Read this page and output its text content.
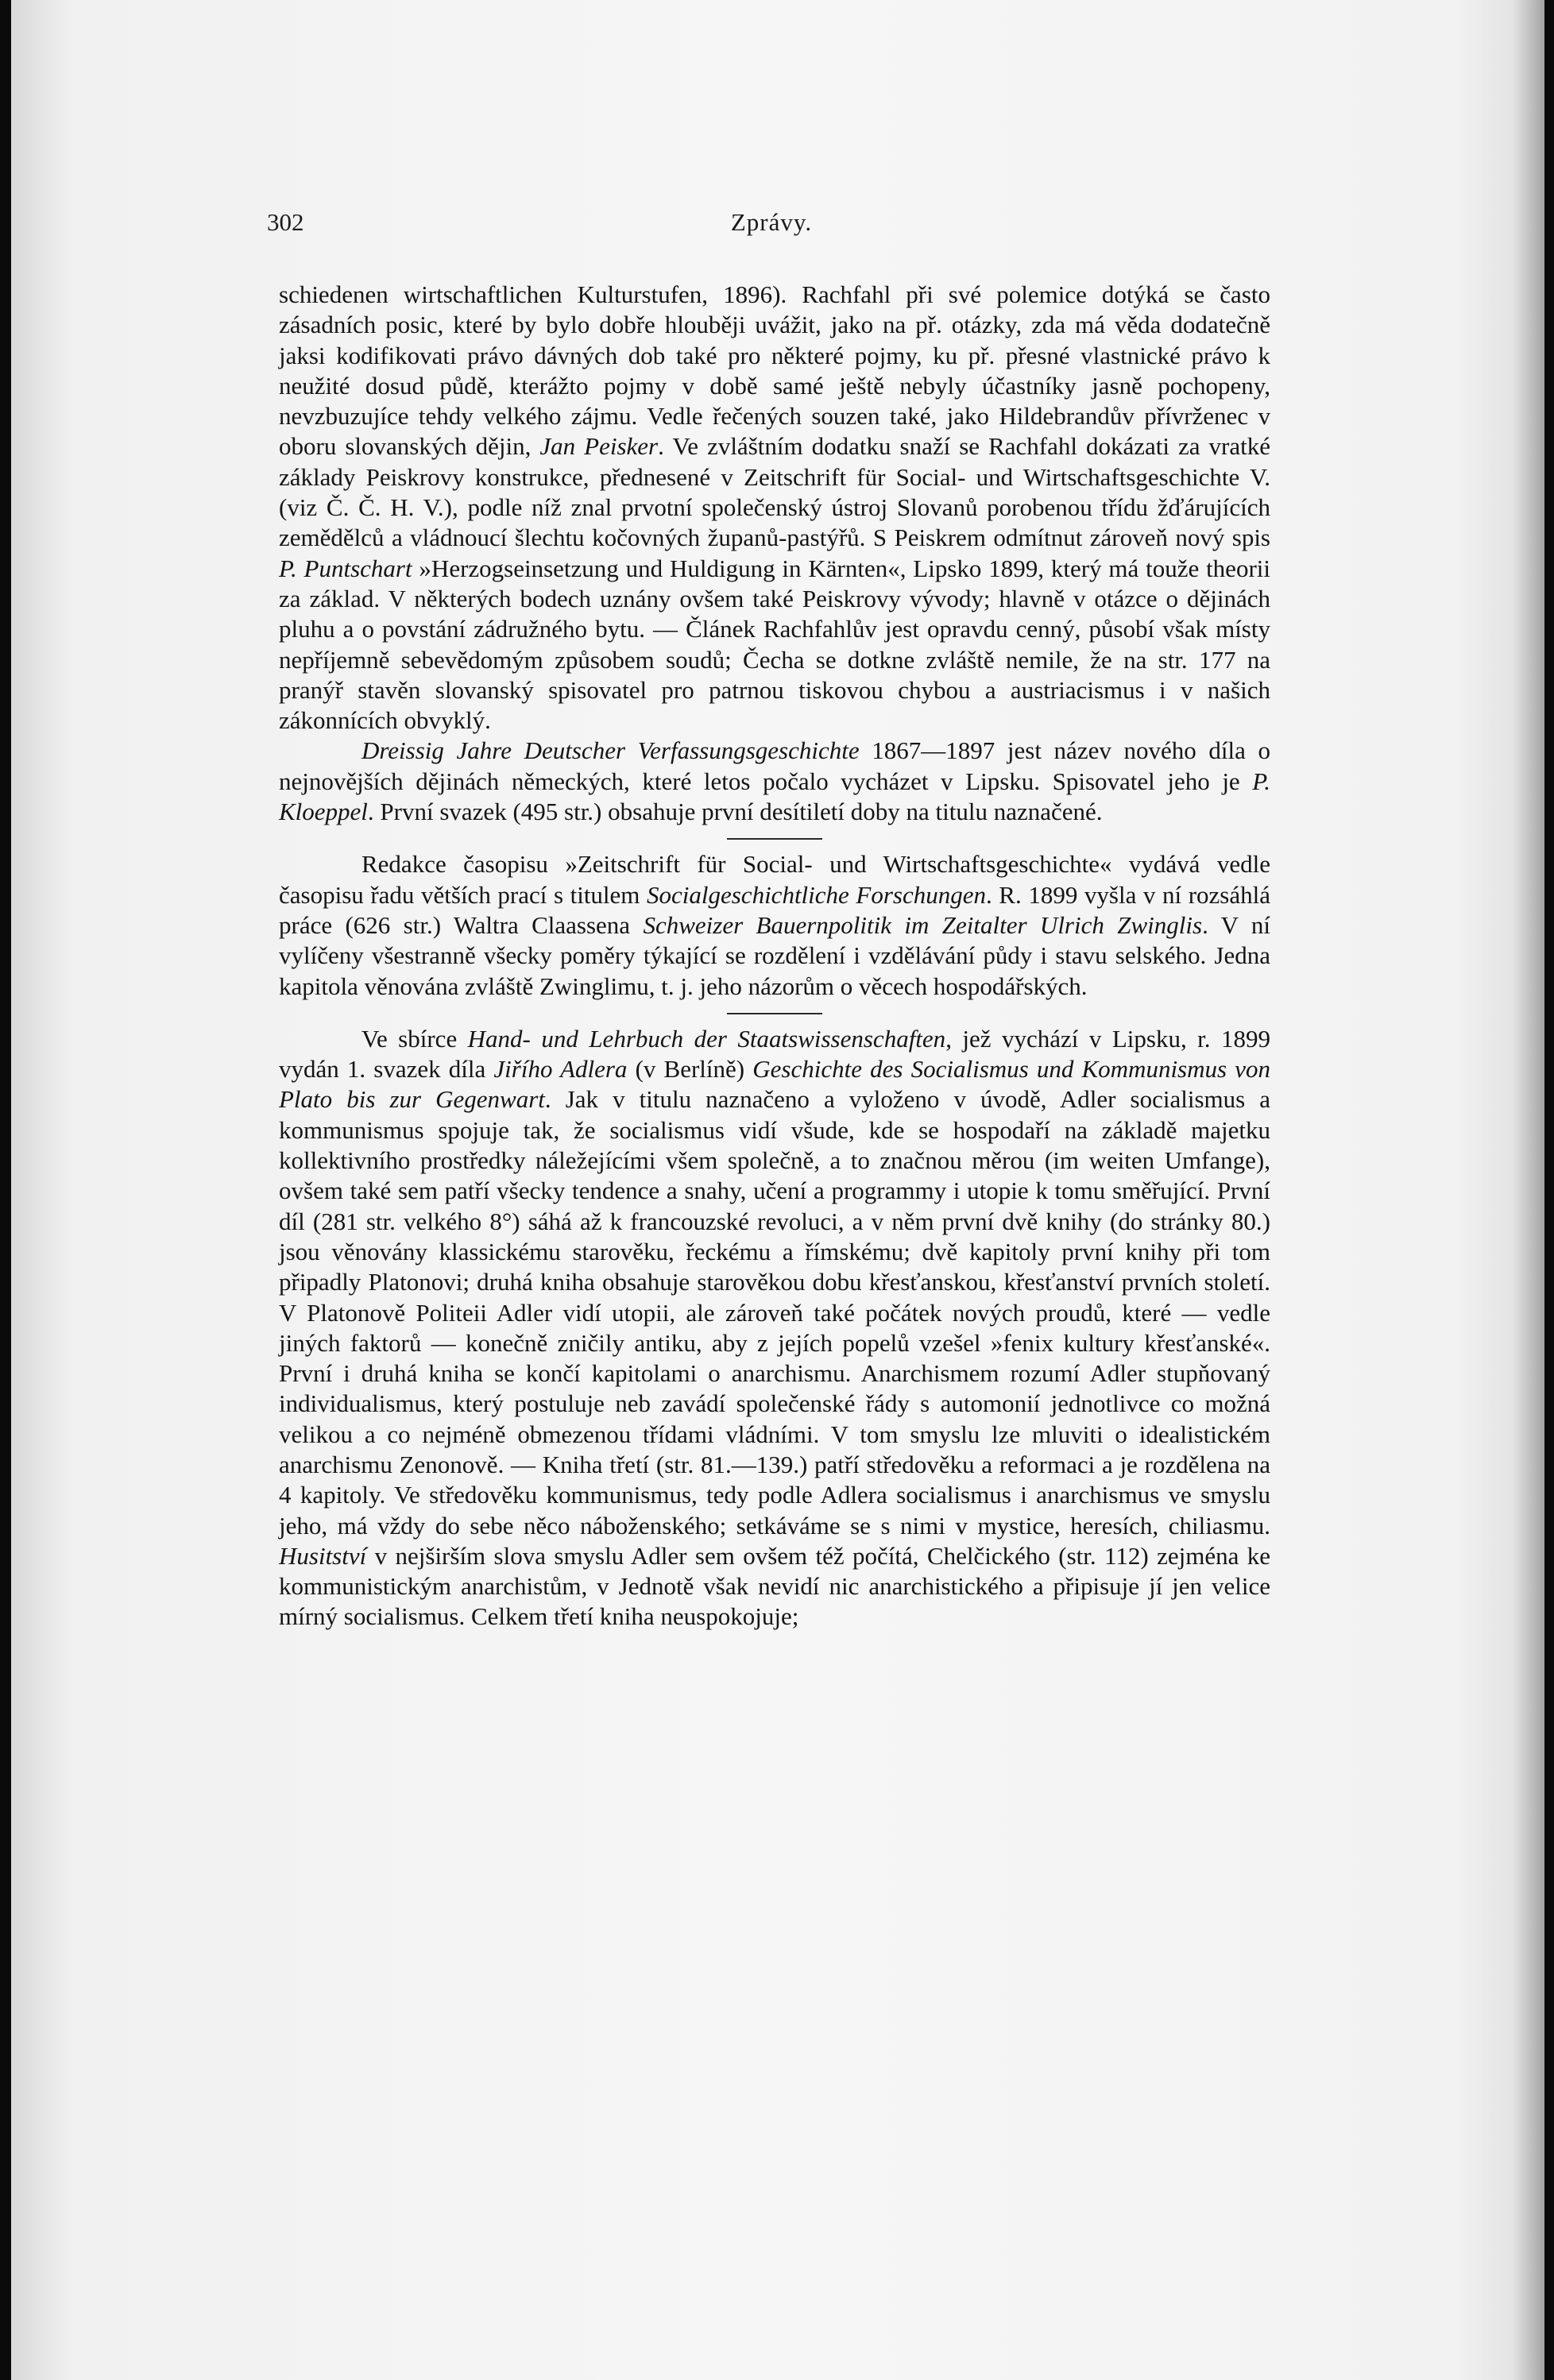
302	Zprávy.

schiedenen wirtschaftlichen Kulturstufen, 1896). Rachfahl při své polemice dotýká se často zásadních posic, které by bylo dobře hlouběji uvážit, jako na př. otázky, zda má věda dodatečně jaksi kodifikovati právo dávných dob také pro některé pojmy, ku př. přesné vlastnické právo k neužité dosud půdě, kterážto pojmy v době samé ještě nebyly účastníky jasně pochopeny, nevzbuzujíce tehdy velkého zájmu. Vedle řečených souzen také, jako Hildebrandův přívrženec v oboru slovanských dějin, Jan Peisker. Ve zvláštním dodatku snaží se Rachfahl dokázati za vratké základy Peiskrovy konstrukce, přednesené v Zeitschrift für Social- und Wirtschaftsgeschichte V. (viz Č. Č. H. V.), podle níž znal prvotní společenský ústroj Slovanů porobenou třídu žďárujících zemědělců a vládnoucí šlechtu kočovných županů-pastýřů. S Peiskrem odmítnut zároveň nový spis P. Puntschart »Herzogseinsetzung und Huldigung in Kärnten«, Lipsko 1899, který má touže theorii za základ. V některých bodech uznány ovšem také Peiskrovy vývody; hlavně v otázce o dějinách pluhu a o povstání zádružného bytu. — Článek Rachfahlův jest opravdu cenný, působí však místy nepříjemně sebevědomým způsobem soudů; Čecha se dotkne zvláště nemile, že na str. 177 na pranýř stavěn slovanský spisovatel pro patrnou tiskovou chybou a austriacismus i v našich zákonnících obvyklý.

Dreissig Jahre Deutscher Verfassungsgeschichte 1867—1897 jest název nového díla o nejnovějších dějinách německých, které letos počalo vycházet v Lipsku. Spisovatel jeho je P. Kloeppel. První svazek (495 str.) obsahuje první desítiletí doby na titulu naznačené.

Redakce časopisu »Zeitschrift für Social- und Wirtschaftsgeschichte« vydává vedle časopisu řadu větších prací s titulem Socialgeschichtliche Forschungen. R. 1899 vyšla v ní rozsáhlá práce (626 str.) Waltra Claassena Schweizer Bauernpolitik im Zeitalter Ulrich Zwinglis. V ní vylíčeny všestranně všecky poměry týkající se rozdělení i vzdělávání půdy i stavu selského. Jedna kapitola věnována zvláště Zwinglimu, t. j. jeho názorům o věcech hospodářských.

Ve sbírce Hand- und Lehrbuch der Staatswissenschaften, jež vychází v Lipsku, r. 1899 vydán 1. svazek díla Jiřího Adlera (v Berlíně) Geschichte des Socialismus und Kommunismus von Plato bis zur Gegenwart. Jak v titulu naznačeno a vyloženo v úvodě, Adler socialismus a kommunismus spojuje tak, že socialismus vidí všude, kde se hospodaří na základě majetku kollektivního prostředky náležejícími všem společně, a to značnou měrou (im weiten Umfange), ovšem také sem patří všecky tendence a snahy, učení a programmy i utopie k tomu směřující. První díl (281 str. velkého 8°) sáhá až k francouzské revoluci, a v něm první dvě knihy (do stránky 80.) jsou věnovány klassickému starověku, řeckému a římskému; dvě kapitoly první knihy při tom připadly Platonovi; druhá kniha obsahuje starověkou dobu křesťanskou, křesťanství prvních století. V Platonově Politeii Adler vidí utopii, ale zároveň také počátek nových proudů, které — vedle jiných faktorů — konečně zničily antiku, aby z jejích popelů vzešel »fenix kultury křesťanské«. První i druhá kniha se končí kapitolami o anarchismu. Anarchismem rozumí Adler stupňovaný individualismus, který postuluje neb zavádí společenské řády s automonií jednotlivce co možná velikou a co nejméně obmezenou třídami vládními. V tom smyslu lze mluviti o idealistickém anarchismu Zenonově. — Kniha třetí (str. 81.—139.) patří středověku a reformaci a je rozdělena na 4 kapitoly. Ve středověku kommunismus, tedy podle Adlera socialismus i anarchismus ve smyslu jeho, má vždy do sebe něco náboženského; setkáváme se s nimi v mystice, heresích, chiliasmu. Husitství v nejširším slova smyslu Adler sem ovšem též počítá, Chelčického (str. 112) zejména ke kommunistickým anarchistům, v Jednotě však nevidí nic anarchistického a připisuje jí jen velice mírný socialismus. Celkem třetí kniha neuspokojuje;
